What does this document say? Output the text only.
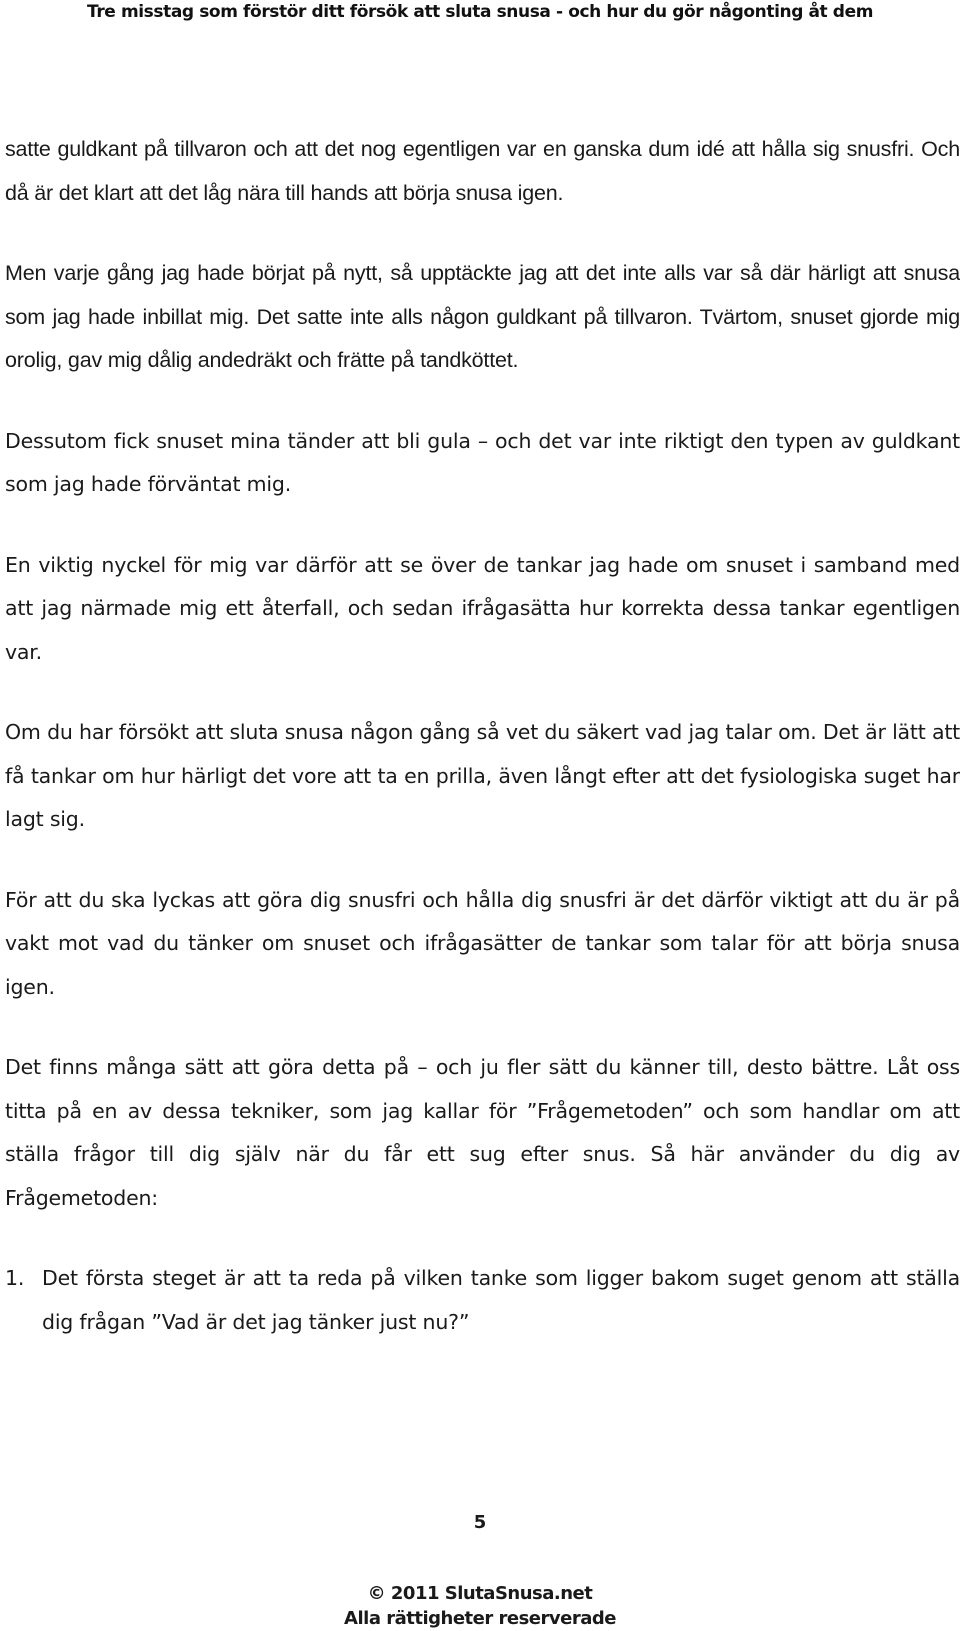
Tre misstag som förstör ditt försök att sluta snusa - och hur du gör någonting åt dem

satte guldkant på tillvaron och att det nog egentligen var en ganska dum idé att hålla sig snusfri. Och då är det klart att det låg nära till hands att börja snusa igen.

Men varje gång jag hade börjat på nytt, så upptäckte jag att det inte alls var så där härligt att snusa som jag hade inbillat mig. Det satte inte alls någon guldkant på tillvaron. Tvärtom, snuset gjorde mig orolig, gav mig dålig andedräkt och frätte på tandköttet.

Dessutom fick snuset mina tänder att bli gula – och det var inte riktigt den typen av guldkant som jag hade förväntat mig.

En viktig nyckel för mig var därför att se över de tankar jag hade om snuset i samband med att jag närmade mig ett återfall, och sedan ifrågasätta hur korrekta dessa tankar egentligen var.

Om du har försökt att sluta snusa någon gång så vet du säkert vad jag talar om. Det är lätt att få tankar om hur härligt det vore att ta en prilla, även långt efter att det fysiologiska suget har lagt sig.

För att du ska lyckas att göra dig snusfri och hålla dig snusfri är det därför viktigt att du är på vakt mot vad du tänker om snuset och ifrågasätter de tankar som talar för att börja snusa igen.

Det finns många sätt att göra detta på – och ju fler sätt du känner till, desto bättre. Låt oss titta på en av dessa tekniker, som jag kallar för ”Frågemetoden” och som handlar om att ställa frågor till dig själv när du får ett sug efter snus. Så här använder du dig av Frågemetoden:

1. Det första steget är att ta reda på vilken tanke som ligger bakom suget genom att ställa dig frågan ”Vad är det jag tänker just nu?”
5
© 2011 SlutaSnusa.net
Alla rättigheter reserverade
